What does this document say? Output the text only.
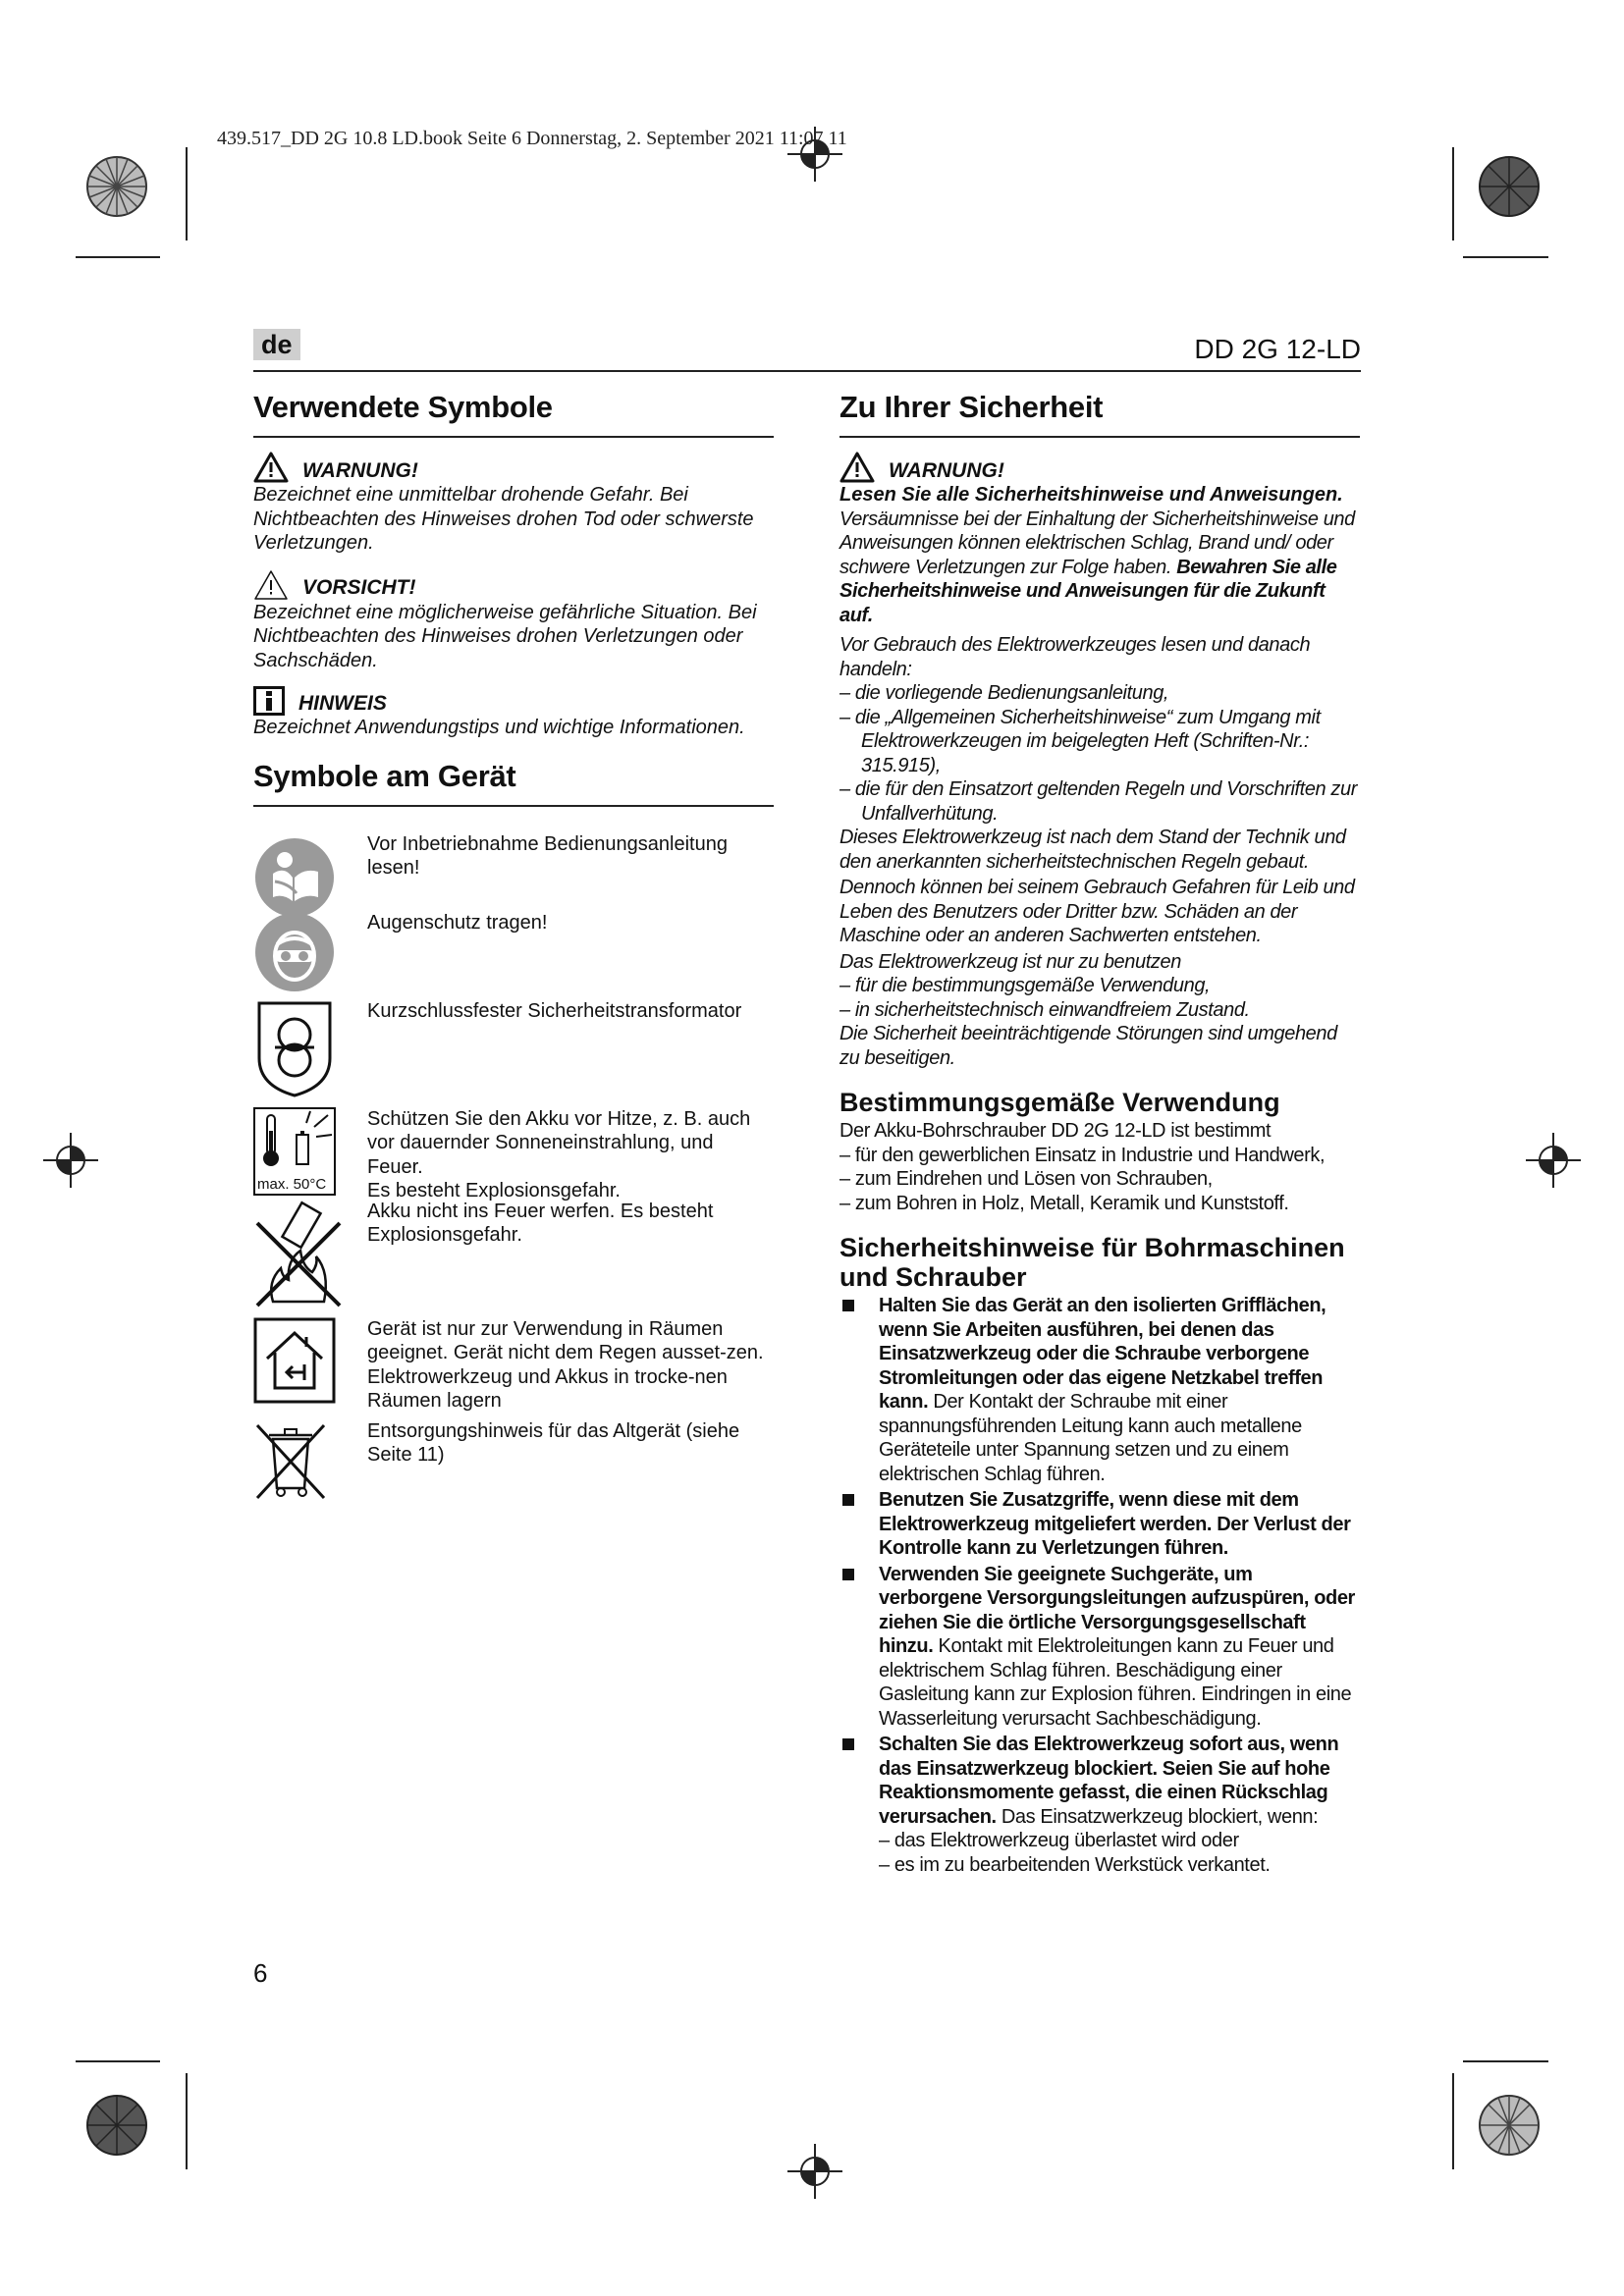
439.517_DD 2G 10.8 LD.book Seite 6 Donnerstag, 2. September 2021 11:07 11
de	DD 2G 12-LD
Verwendete Symbole
WARNUNG!

Bezeichnet eine unmittelbar drohende Gefahr. Bei Nichtbeachten des Hinweises drohen Tod oder schwerste Verletzungen.

VORSICHT!

Bezeichnet eine möglicherweise gefährliche Situation. Bei Nichtbeachten des Hinweises drohen Verletzungen oder Sachschäden.

HINWEIS

Bezeichnet Anwendungstips und wichtige Informationen.

Symbole am Gerät
Vor Inbetriebnahme Bedienungsanleitung lesen!
Augenschutz tragen!
Kurzschlussfester Sicherheitstransformator
max. 50°C
Schützen Sie den Akku vor Hitze, z. B. auch vor dauernder Sonneneinstrahlung, und Feuer.
Es besteht Explosionsgefahr.
Akku nicht ins Feuer werfen. Es besteht Explosionsgefahr.
Gerät ist nur zur Verwendung in Räumen geeignet. Gerät nicht dem Regen ausset-zen. Elektrowerkzeug und Akkus in trocke-nen Räumen lagern
Entsorgungshinweis für das Altgerät (siehe Seite 11)
Zu Ihrer Sicherheit
WARNUNG!

Lesen Sie alle Sicherheitshinweise und Anweisungen.

Versäumnisse bei der Einhaltung der Sicherheitshinweise und Anweisungen können elektrischen Schlag, Brand und/ oder schwere Verletzungen zur Folge haben. Bewahren Sie alle Sicherheitshinweise und Anweisungen für die Zukunft auf.

Vor Gebrauch des Elektrowerkzeuges lesen und danach handeln:

– die vorliegende Bedienungsanleitung,
– die „Allgemeinen Sicherheitshinweise“ zum Umgang mit Elektrowerkzeugen im beigelegten Heft (Schriften-Nr.: 315.915),
– die für den Einsatzort geltenden Regeln und Vorschriften zur Unfallverhütung.

Dieses Elektrowerkzeug ist nach dem Stand der Technik und den anerkannten sicherheitstechnischen Regeln gebaut.

Dennoch können bei seinem Gebrauch Gefahren für Leib und Leben des Benutzers oder Dritter bzw. Schäden an der Maschine oder an anderen Sachwerten entstehen.

Das Elektrowerkzeug ist nur zu benutzen

– für die bestimmungsgemäße Verwendung,
– in sicherheitstechnisch einwandfreiem Zustand.

Die Sicherheit beeinträchtigende Störungen sind umgehend zu beseitigen.

Bestimmungsgemäße Verwendung

Der Akku-Bohrschrauber DD 2G 12-LD ist bestimmt

– für den gewerblichen Einsatz in Industrie und Handwerk,
– zum Eindrehen und Lösen von Schrauben,
– zum Bohren in Holz, Metall, Keramik und Kunststoff.
Sicherheitshinweise für Bohrmaschinen und Schrauber
Halten Sie das Gerät an den isolierten Grifflächen, wenn Sie Arbeiten ausführen, bei denen das Einsatzwerkzeug oder die Schraube verborgene Stromleitungen oder das eigene Netzkabel treffen kann. Der Kontakt der Schraube mit einer spannungsführenden Leitung kann auch metallene Geräteteile unter Spannung setzen und zu einem elektrischen Schlag führen.
Benutzen Sie Zusatzgriffe, wenn diese mit dem Elektrowerkzeug mitgeliefert werden. Der Verlust der Kontrolle kann zu Verletzungen führen.
Verwenden Sie geeignete Suchgeräte, um verborgene Versorgungsleitungen aufzuspüren, oder ziehen Sie die örtliche Versorgungsgesellschaft hinzu. Kontakt mit Elektroleitungen kann zu Feuer und elektrischem Schlag führen. Beschädigung einer Gasleitung kann zur Explosion führen. Eindringen in eine Wasserleitung verursacht Sachbeschädigung.
Schalten Sie das Elektrowerkzeug sofort aus, wenn das Einsatzwerkzeug blockiert. Seien Sie auf hohe Reaktionsmomente gefasst, die einen Rückschlag verursachen. Das Einsatzwerkzeug blockiert, wenn:
– das Elektrowerkzeug überlastet wird oder
– es im zu bearbeitenden Werkstück verkantet.
6
